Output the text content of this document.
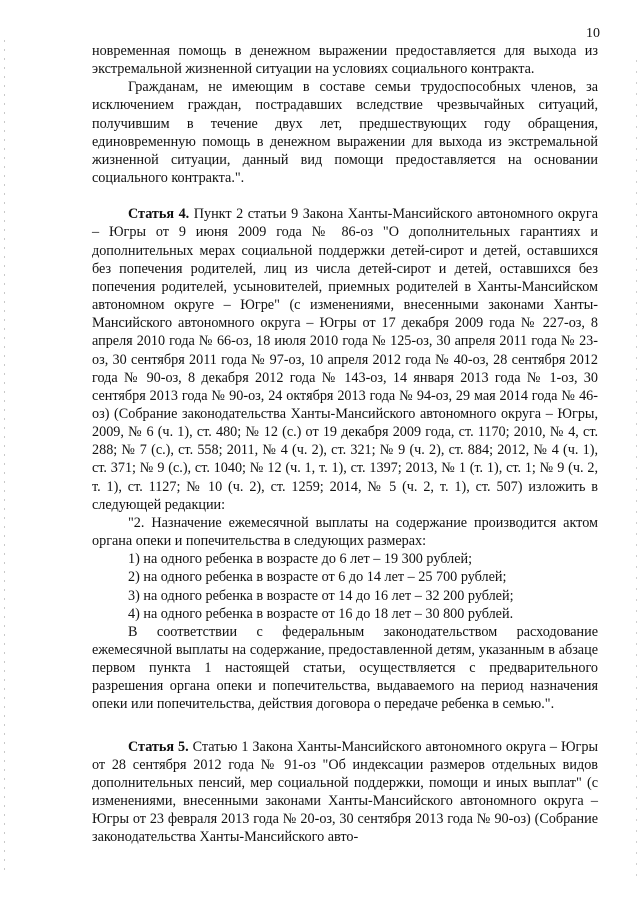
10

новременная помощь в денежном выражении предоставляется для выхода из экстремальной жизненной ситуации на условиях социального контракта.

Гражданам, не имеющим в составе семьи трудоспособных членов, за исключением граждан, пострадавших вследствие чрезвычайных ситуаций, получившим в течение двух лет, предшествующих году обращения, единовременную помощь в денежном выражении для выхода из экстремальной жизненной ситуации, данный вид помощи предоставляется на основании социального контракта.".

Статья 4. Пункт 2 статьи 9 Закона Ханты-Мансийского автономного округа – Югры от 9 июня 2009 года № 86-оз "О дополнительных гарантиях и дополнительных мерах социальной поддержки детей-сирот и детей, оставшихся без попечения родителей, лиц из числа детей-сирот и детей, оставшихся без попечения родителей, усыновителей, приемных родителей в Ханты-Мансийском автономном округе – Югре" (с изменениями, внесенными законами Ханты-Мансийского автономного округа – Югры от 17 декабря 2009 года № 227-оз, 8 апреля 2010 года № 66-оз, 18 июля 2010 года № 125-оз, 30 апреля 2011 года № 23-оз, 30 сентября 2011 года № 97-оз, 10 апреля 2012 года № 40-оз, 28 сентября 2012 года № 90-оз, 8 декабря 2012 года № 143-оз, 14 января 2013 года № 1-оз, 30 сентября 2013 года № 90-оз, 24 октября 2013 года № 94-оз, 29 мая 2014 года № 46-оз) (Собрание законодательства Ханты-Мансийского автономного округа – Югры, 2009, № 6 (ч. 1), ст. 480; № 12 (с.) от 19 декабря 2009 года, ст. 1170; 2010, № 4, ст. 288; № 7 (с.), ст. 558; 2011, № 4 (ч. 2), ст. 321; № 9 (ч. 2), ст. 884; 2012, № 4 (ч. 1), ст. 371; № 9 (с.), ст. 1040; № 12 (ч. 1, т. 1), ст. 1397; 2013, № 1 (т. 1), ст. 1; № 9 (ч. 2, т. 1), ст. 1127; № 10 (ч. 2), ст. 1259; 2014, № 5 (ч. 2, т. 1), ст. 507) изложить в следующей редакции:

"2. Назначение ежемесячной выплаты на содержание производится актом органа опеки и попечительства в следующих размерах:

1) на одного ребенка в возрасте до 6 лет – 19 300 рублей;

2) на одного ребенка в возрасте от 6 до 14 лет – 25 700 рублей;

3) на одного ребенка в возрасте от 14 до 16 лет – 32 200 рублей;

4) на одного ребенка в возрасте от 16 до 18 лет – 30 800 рублей.

В соответствии с федеральным законодательством расходование ежемесячной выплаты на содержание, предоставленной детям, указанным в абзаце первом пункта 1 настоящей статьи, осуществляется с предварительного разрешения органа опеки и попечительства, выдаваемого на период назначения опеки или попечительства, действия договора о передаче ребенка в семью.".

Статья 5. Статью 1 Закона Ханты-Мансийского автономного округа – Югры от 28 сентября 2012 года № 91-оз "Об индексации размеров отдельных видов дополнительных пенсий, мер социальной поддержки, помощи и иных выплат" (с изменениями, внесенными законами Ханты-Мансийского автономного округа – Югры от 23 февраля 2013 года № 20-оз, 30 сентября 2013 года № 90-оз) (Собрание законодательства Ханты-Мансийского авто-
